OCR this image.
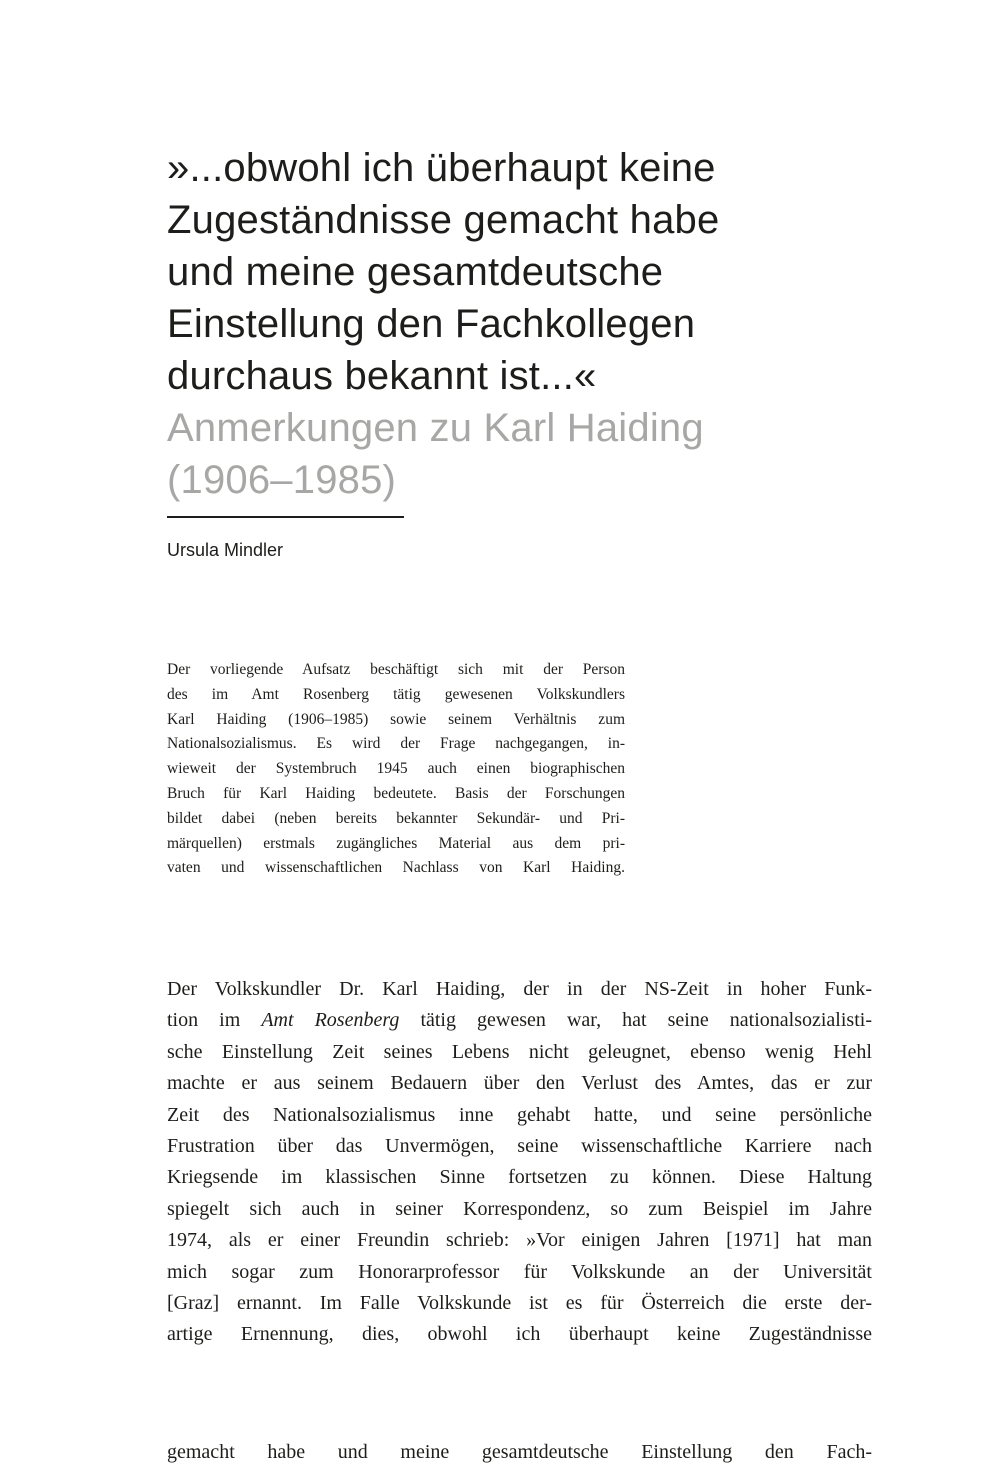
»...obwohl ich überhaupt keine
Zugeständnisse gemacht habe
und meine gesamtdeutsche
Einstellung den Fachkollegen
durchaus bekannt ist...«
Anmerkungen zu Karl Haiding
(1906–1985)
Ursula Mindler
Der vorliegende Aufsatz beschäftigt sich mit der Person
des im Amt Rosenberg tätig gewesenen Volkskundlers
Karl Haiding (1906–1985) sowie seinem Verhältnis zum
Nationalsozialismus. Es wird der Frage nachgegangen, in-
wieweit der Systembruch 1945 auch einen biographischen
Bruch für Karl Haiding bedeutete. Basis der Forschungen
bildet dabei (neben bereits bekannter Sekundär- und Pri-
märquellen) erstmals zugängliches Material aus dem pri-
vaten und wissenschaftlichen Nachlass von Karl Haiding.
Der Volkskundler Dr. Karl Haiding, der in der NS-Zeit in hoher Funk-
tion im Amt Rosenberg tätig gewesen war, hat seine nationalsozialisti-
sche Einstellung Zeit seines Lebens nicht geleugnet, ebenso wenig Hehl
machte er aus seinem Bedauern über den Verlust des Amtes, das er zur
Zeit des Nationalsozialismus inne gehabt hatte, und seine persönliche
Frustration über das Unvermögen, seine wissenschaftliche Karriere nach
Kriegsende im klassischen Sinne fortsetzen zu können. Diese Haltung
spiegelt sich auch in seiner Korrespondenz, so zum Beispiel im Jahre
1974, als er einer Freundin schrieb: »Vor einigen Jahren [1971] hat man
mich sogar zum Honorarprofessor für Volkskunde an der Universität
[Graz] ernannt. Im Falle Volkskunde ist es für Österreich die erste der-
artige Ernennung, dies, obwohl ich überhaupt keine Zugeständnisse
gemacht habe und meine gesamtdeutsche Einstellung den Fach-
